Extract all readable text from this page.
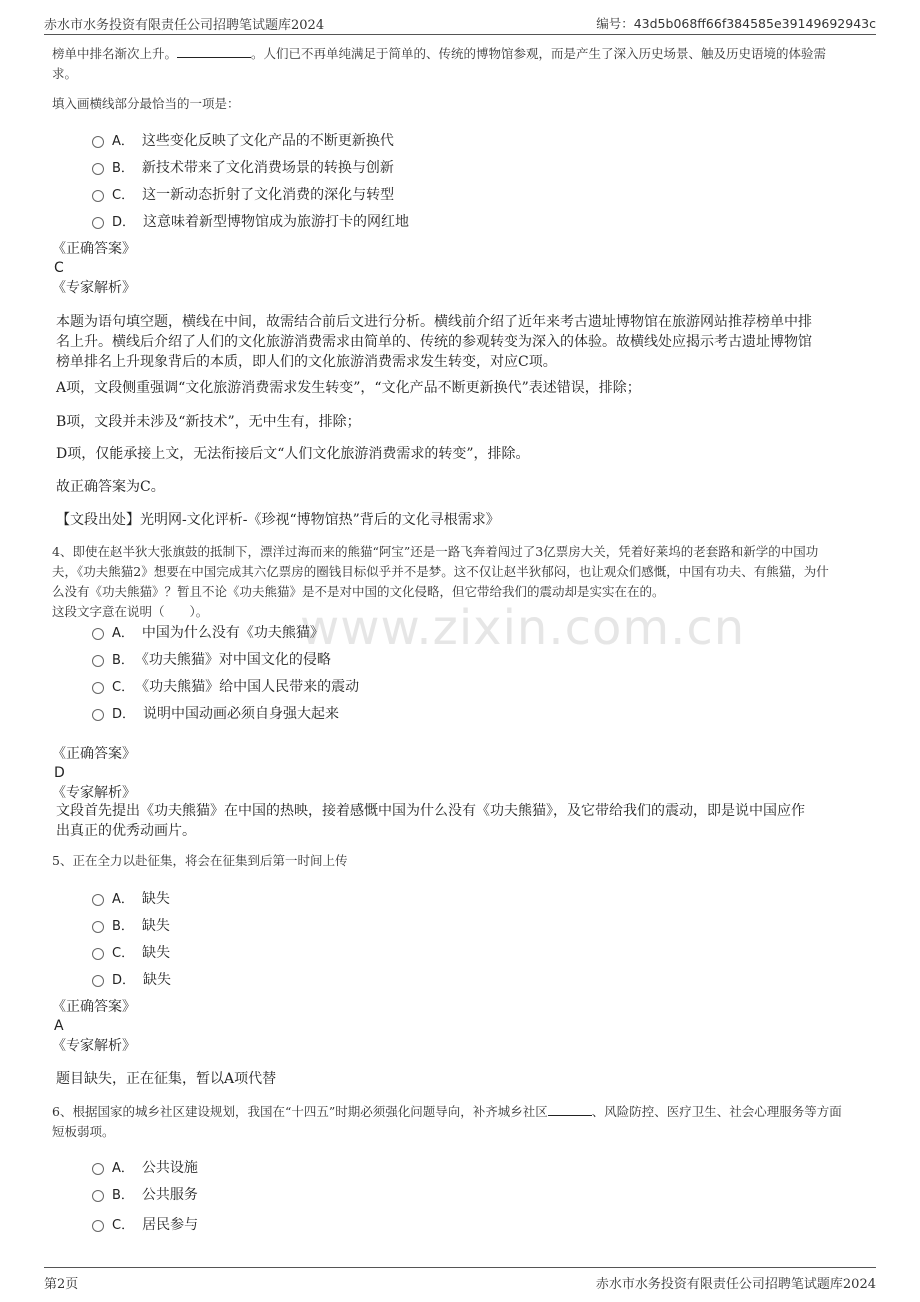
赤水市水务投资有限责任公司招聘笔试题库2024	编号：43d5b068ff66f384585e39149692943c
www.zixin.com.cn
榜单中排名渐次上升。	。人们已不再单纯满足于简单的、传统的博物馆参观，而是产生了深入历史场景、触及历史语境的体验需
求。
填入画横线部分最恰当的一项是：
A． 这些变化反映了文化产品的不断更新换代
B． 新技术带来了文化消费场景的转换与创新
C． 这一新动态折射了文化消费的深化与转型
D． 这意味着新型博物馆成为旅游打卡的网红地
《正确答案》
C
《专家解析》
本题为语句填空题，横线在中间，故需结合前后文进行分析。横线前介绍了近年来考古遗址博物馆在旅游网站推荐榜单中排
名上升。横线后介绍了人们的文化旅游消费需求由简单的、传统的参观转变为深入的体验。故横线处应揭示考古遗址博物馆
榜单排名上升现象背后的本质，即人们的文化旅游消费需求发生转变，对应C项。
A项，文段侧重强调“文化旅游消费需求发生转变”，“文化产品不断更新换代”表述错误，排除；
B项，文段并未涉及“新技术”，无中生有，排除；
D项，仅能承接上文，无法衔接后文“人们文化旅游消费需求的转变”，排除。
故正确答案为C。
【文段出处】光明网-文化评析-《珍视“博物馆热”背后的文化寻根需求》
4、即使在赵半狄大张旗鼓的抵制下，漂洋过海而来的熊猫“阿宝”还是一路飞奔着闯过了3亿票房大关，凭着好莱坞的老套路和新学的中国功
夫，《功夫熊猫2》想要在中国完成其六亿票房的圈钱目标似乎并不是梦。这不仅让赵半狄郁闷，也让观众们感慨，中国有功夫、有熊猫，为什
么没有《功夫熊猫》？暂且不论《功夫熊猫》是不是对中国的文化侵略，但它带给我们的震动却是实实在在的。
这段文字意在说明（　　）。
A． 中国为什么没有《功夫熊猫》
B． 《功夫熊猫》对中国文化的侵略
C． 《功夫熊猫》给中国人民带来的震动
D． 说明中国动画必须自身强大起来
《正确答案》
D
《专家解析》
文段首先提出《功夫熊猫》在中国的热映，接着感慨中国为什么没有《功夫熊猫》，及它带给我们的震动，即是说中国应作
出真正的优秀动画片。
5、正在全力以赴征集，将会在征集到后第一时间上传
A． 缺失
B． 缺失
C． 缺失
D． 缺失
《正确答案》
A
《专家解析》
题目缺失，正在征集，暂以A项代替
6、根据国家的城乡社区建设规划，我国在“十四五”时期必须强化问题导向，补齐城乡社区	、风险防控、医疗卫生、社会心理服务等方面
短板弱项。
A． 公共设施
B． 公共服务
C． 居民参与
第2页	赤水市水务投资有限责任公司招聘笔试题库2024
